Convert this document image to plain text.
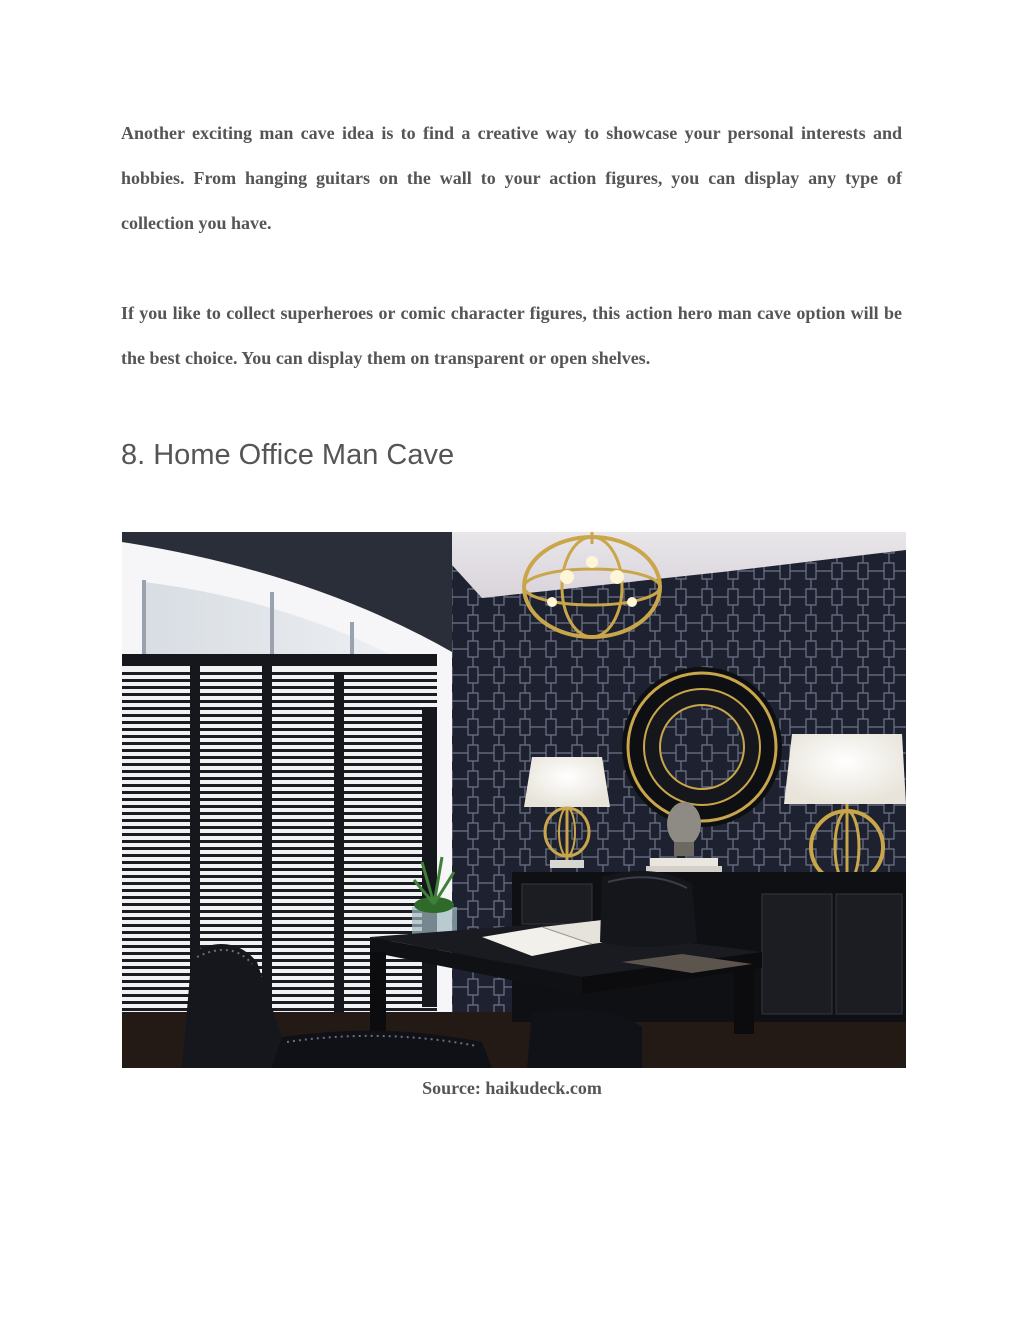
Another exciting man cave idea is to find a creative way to showcase your personal interests and hobbies. From hanging guitars on the wall to your action figures, you can display any type of collection you have.

If you like to collect superheroes or comic character figures, this action hero man cave option will be the best choice. You can display them on transparent or open shelves.

8. Home Office Man Cave

Source: haikudeck.com
